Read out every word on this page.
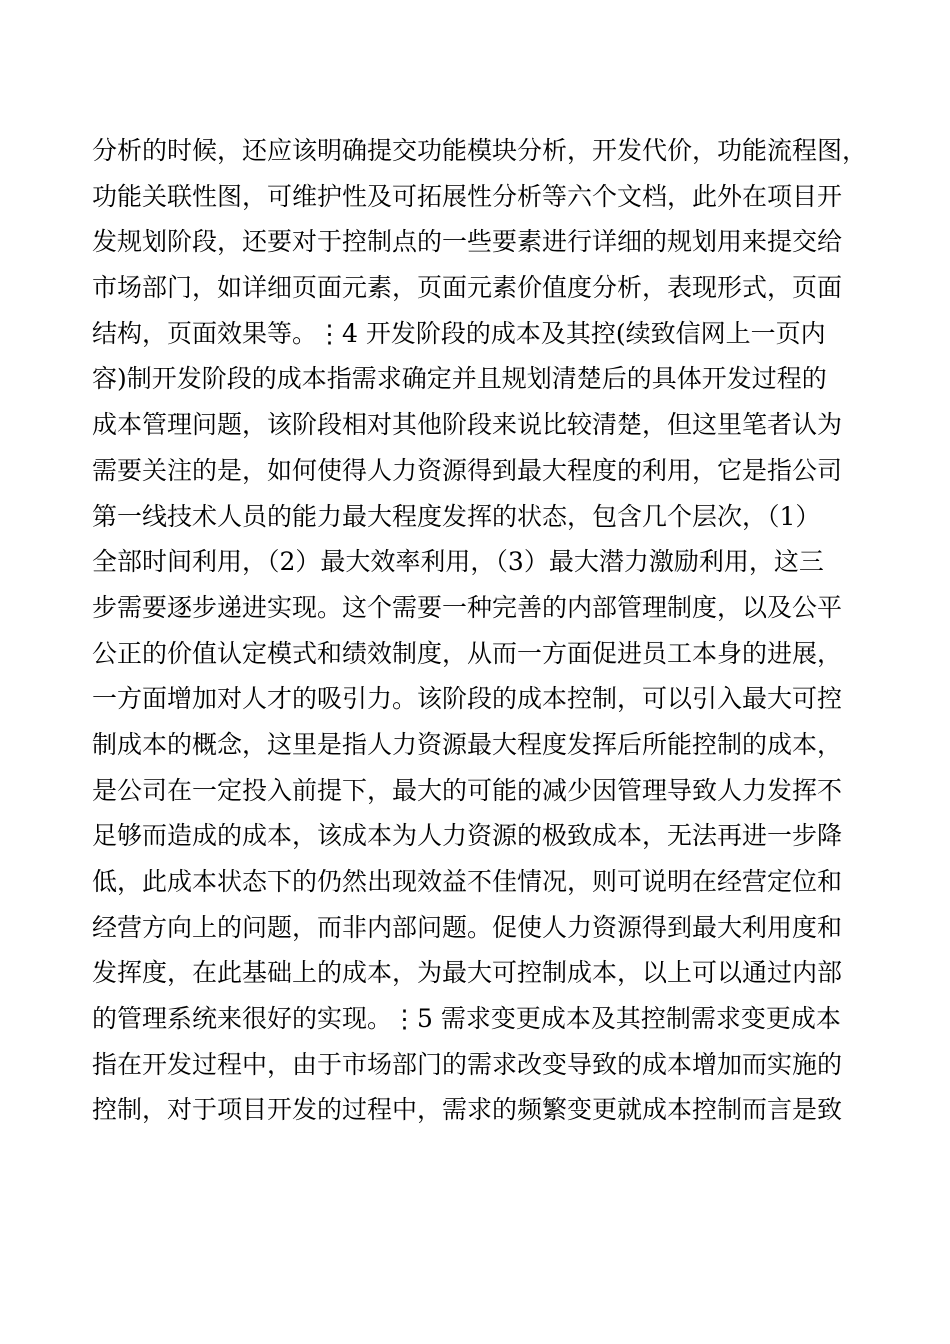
分析的时候，还应该明确提交功能模块分析，开发代价，功能流程图，
功能关联性图，可维护性及可拓展性分析等六个文档，此外在项目开
发规划阶段，还要对于控制点的一些要素进行详细的规划用来提交给
市场部门，如详细页面元素，页面元素价值度分析，表现形式，页面
结构，页面效果等。⋮4 开发阶段的成本及其控(续致信网上一页内
容)制开发阶段的成本指需求确定并且规划清楚后的具体开发过程的
成本管理问题，该阶段相对其他阶段来说比较清楚，但这里笔者认为
需要关注的是，如何使得人力资源得到最大程度的利用，它是指公司
第一线技术人员的能力最大程度发挥的状态，包含几个层次，（1）
全部时间利用，（2）最大效率利用，（3）最大潜力激励利用，这三
步需要逐步递进实现。这个需要一种完善的内部管理制度，以及公平
公正的价值认定模式和绩效制度，从而一方面促进员工本身的进展，
一方面增加对人才的吸引力。该阶段的成本控制，可以引入最大可控
制成本的概念，这里是指人力资源最大程度发挥后所能控制的成本，
是公司在一定投入前提下，最大的可能的减少因管理导致人力发挥不
足够而造成的成本，该成本为人力资源的极致成本，无法再进一步降
低，此成本状态下的仍然出现效益不佳情况，则可说明在经营定位和
经营方向上的问题，而非内部问题。促使人力资源得到最大利用度和
发挥度，在此基础上的成本，为最大可控制成本，以上可以通过内部
的管理系统来很好的实现。⋮5 需求变更成本及其控制需求变更成本
指在开发过程中，由于市场部门的需求改变导致的成本增加而实施的
控制，对于项目开发的过程中，需求的频繁变更就成本控制而言是致
